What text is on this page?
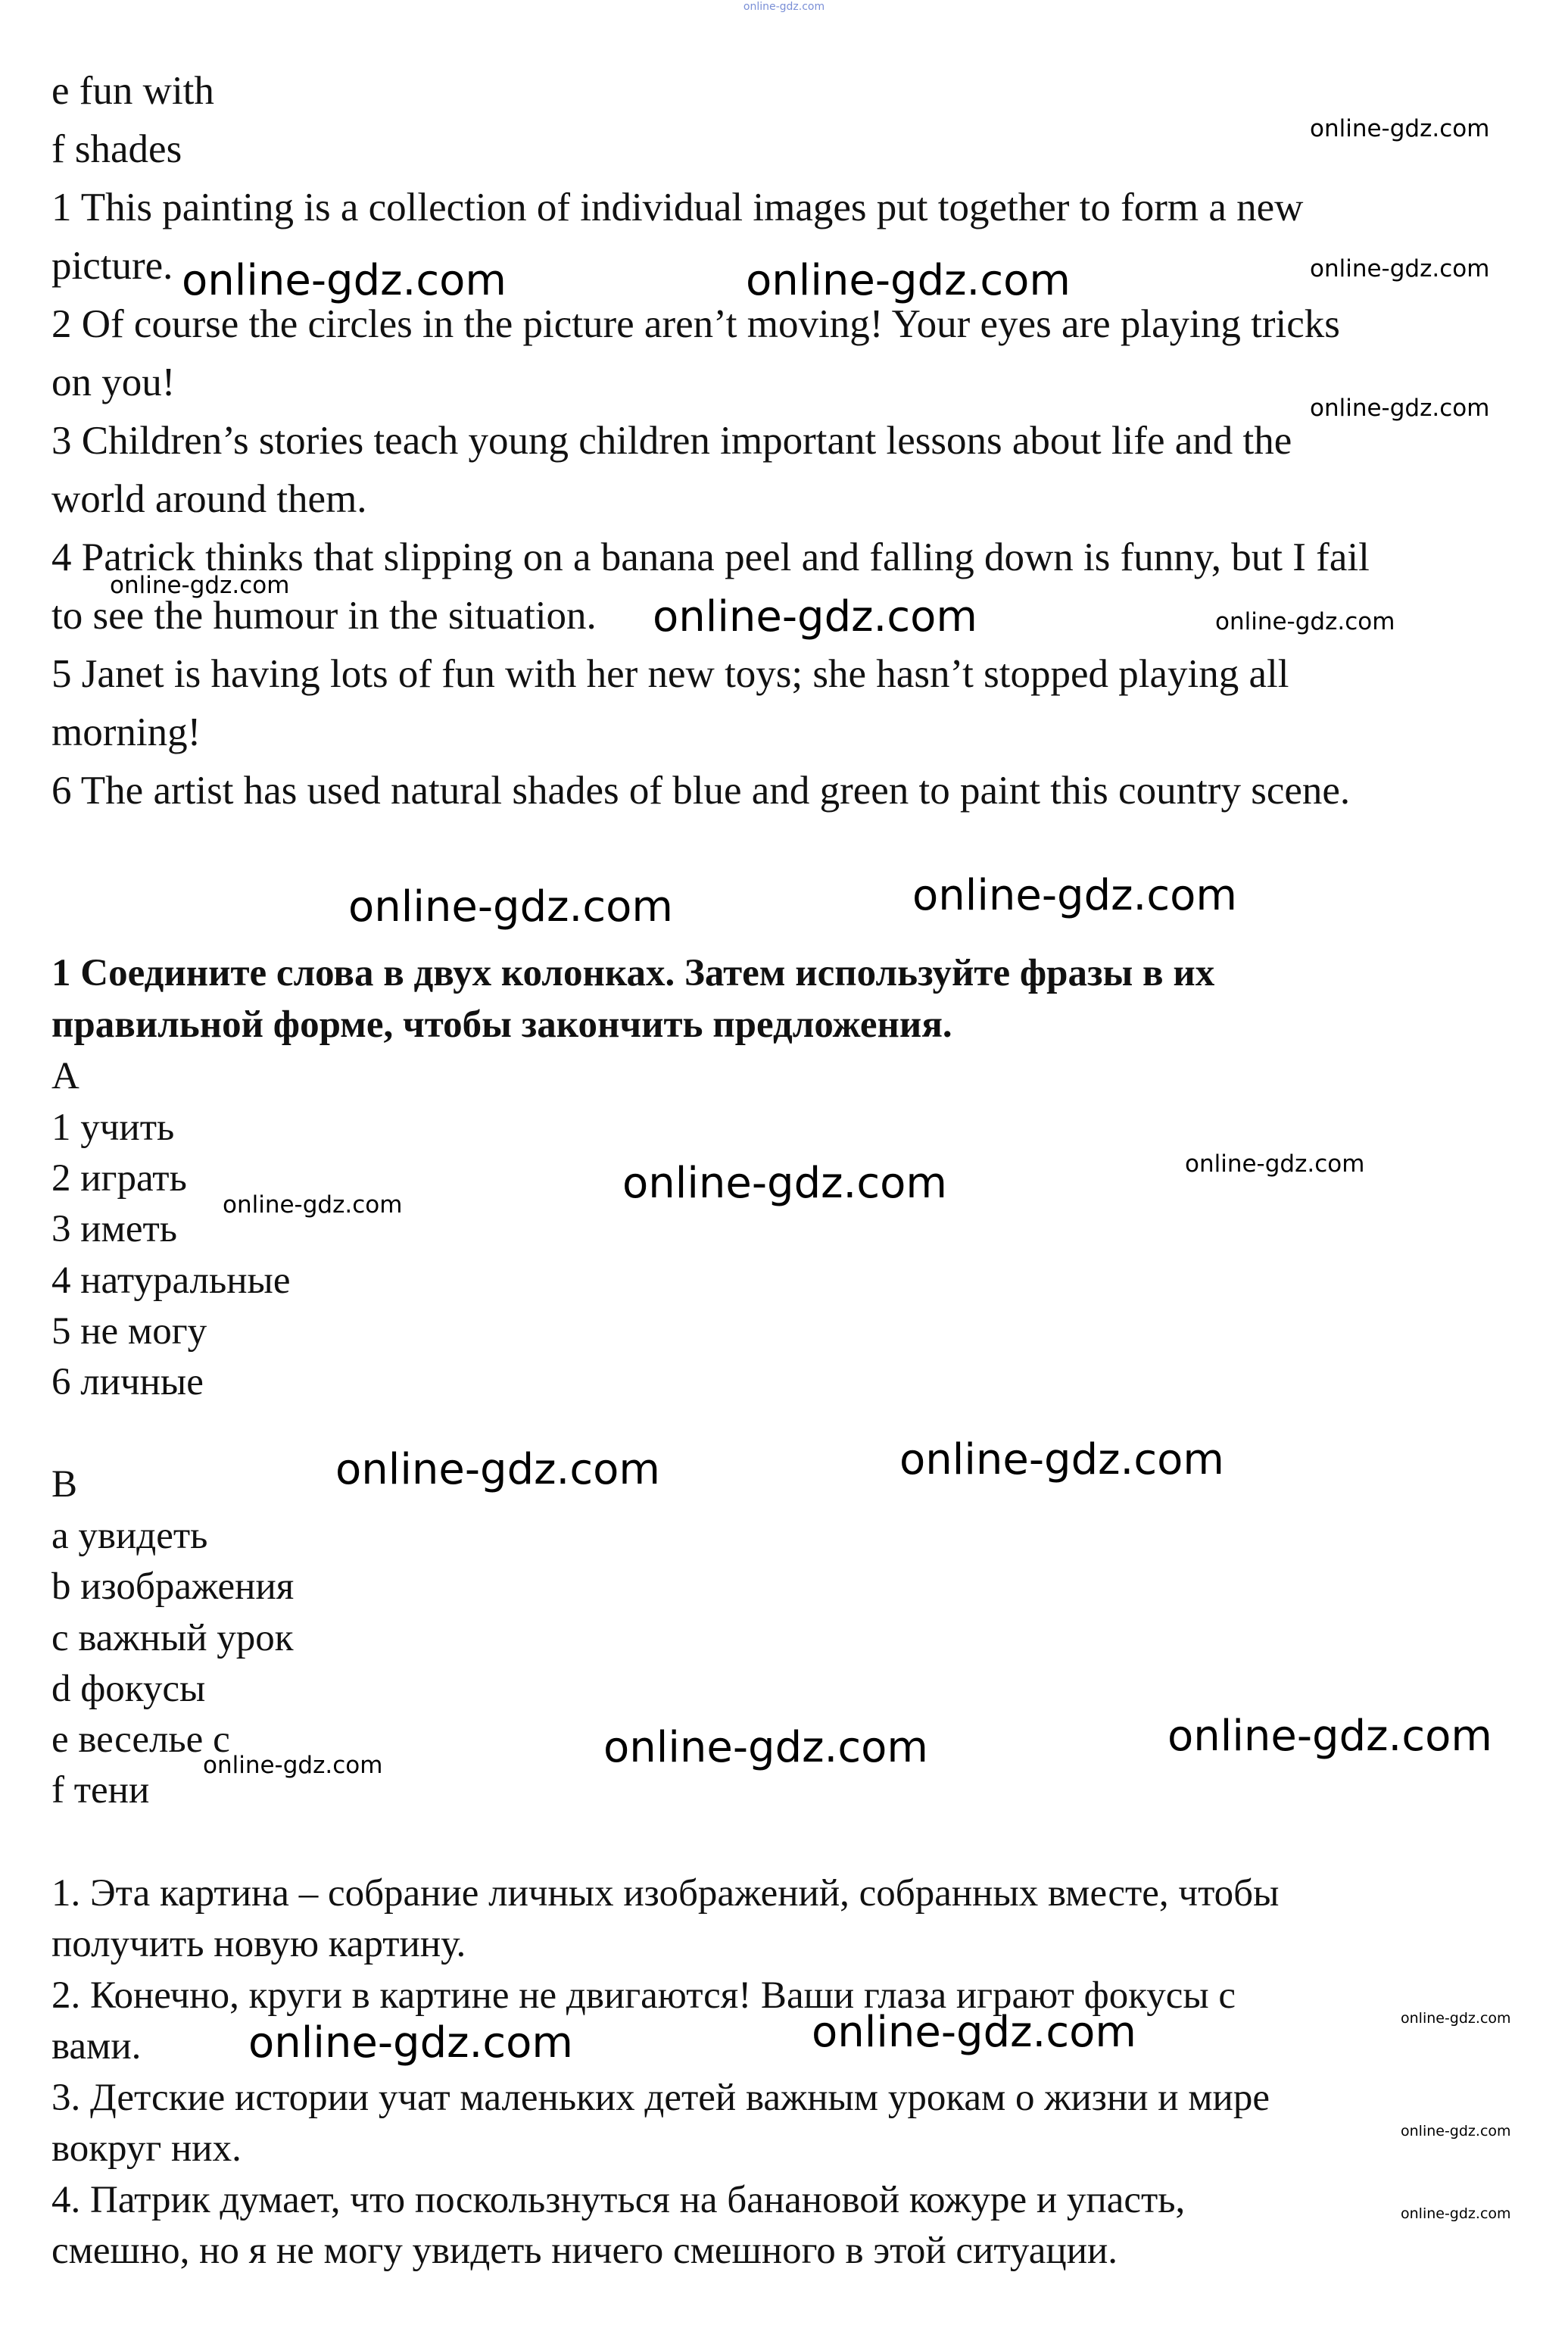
online-gdz.com
e fun with
f shades
1 This painting is a collection of individual images put together to form a new
picture.
2 Of course the circles in the picture aren’t moving! Your eyes are playing tricks
on you!
3 Children’s stories teach young children important lessons about life and the
world around them.
4 Patrick thinks that slipping on a banana peel and falling down is funny, but I fail
to see the humour in the situation.
5 Janet is having lots of fun with her new toys; she hasn’t stopped playing all
morning!
6 The artist has used natural shades of blue and green to paint this country scene.
1 Соедините слова в двух колонках. Затем используйте фразы в их
правильной форме, чтобы закончить предложения.
A
1 учить
2 играть
3 иметь
4 натуральные
5 не могу
6 личные
B
a увидеть
b изображения
c важный урок
d фокусы
e веселье с
f тени
1. Эта картина – собрание личных изображений, собранных вместе, чтобы
получить новую картину.
2. Конечно, круги в картине не двигаются! Ваши глаза играют фокусы с
вами.
3. Детские истории учат маленьких детей важным урокам о жизни и мире
вокруг них.
4. Патрик думает, что поскользнуться на банановой кожуре и упасть,
смешно, но я не могу увидеть ничего смешного в этой ситуации.
online-gdz.com
online-gdz.com	online-gdz.com	online-gdz.com
online-gdz.com
online-gdz.com
online-gdz.com	online-gdz.com
online-gdz.com	online-gdz.com
online-gdz.com	online-gdz.com
online-gdz.com
online-gdz.com	online-gdz.com
online-gdz.com	online-gdz.com
online-gdz.com
online-gdz.com	online-gdz.com	online-gdz.com
online-gdz.com
online-gdz.com
